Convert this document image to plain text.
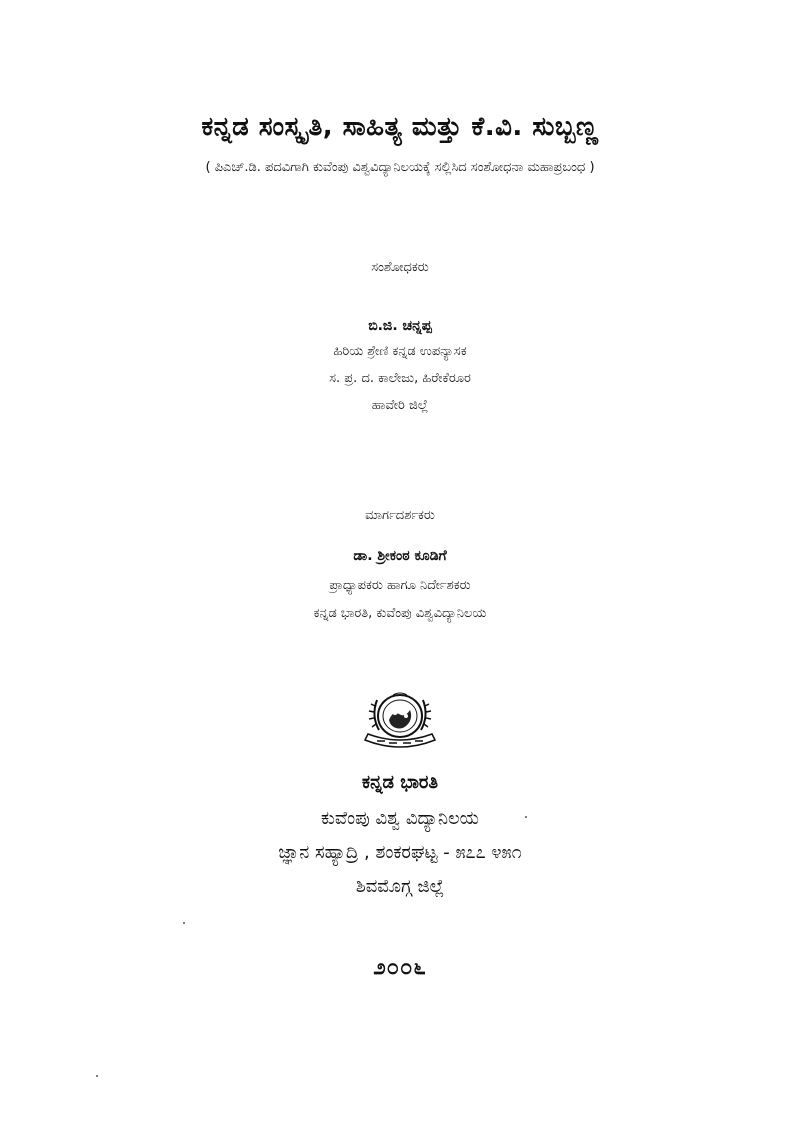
ಕನ್ನಡ ಸಂಸ್ಕೃತಿ, ಸಾಹಿತ್ಯ ಮತ್ತು ಕೆ.ವಿ. ಸುಬ್ಬಣ್ಣ
( ಪಿಎಚ್.ಡಿ. ಪದವಿಗಾಗಿ ಕುವೆಂಪು ವಿಶ್ವವಿದ್ಯಾನಿಲಯಕ್ಕೆ ಸಲ್ಲಿಸಿದ ಸಂಶೋಧನಾ ಮಹಾಪ್ರಬಂಧ )
ಸಂಶೋಧಕರು
ಬಿ.ಜಿ. ಚನ್ನಪ್ಪ
ಹಿರಿಯ ಶ್ರೇಣಿ ಕನ್ನಡ ಉಪನ್ಯಾಸಕ
ಸ. ಪ್ರ. ದ. ಕಾಲೇಜು, ಹಿರೇಕೆರೂರ
ಹಾವೇರಿ ಜಿಲ್ಲೆ
ಮಾರ್ಗದರ್ಶಕರು
ಡಾ. ಶ್ರೀಕಂಠ ಕೂಡಿಗೆ
ಪ್ರಾಧ್ಯಾಪಕರು ಹಾಗೂ ನಿರ್ದೇಶಕರು
ಕನ್ನಡ ಭಾರತಿ, ಕುವೆಂಪು ವಿಶ್ವವಿದ್ಯಾನಿಲಯ
ಕನ್ನಡ ಭಾರತಿ
ಕುವೆಂಪು ವಿಶ್ವ ವಿದ್ಯಾನಿಲಯ
ಜ್ಞಾನ ಸಹ್ಯಾದ್ರಿ , ಶಂಕರಘಟ್ಟ - ೫೭೭ ೪೫೧
ಶಿವಮೊಗ್ಗ ಜಿಲ್ಲೆ
೨೦೦೬
